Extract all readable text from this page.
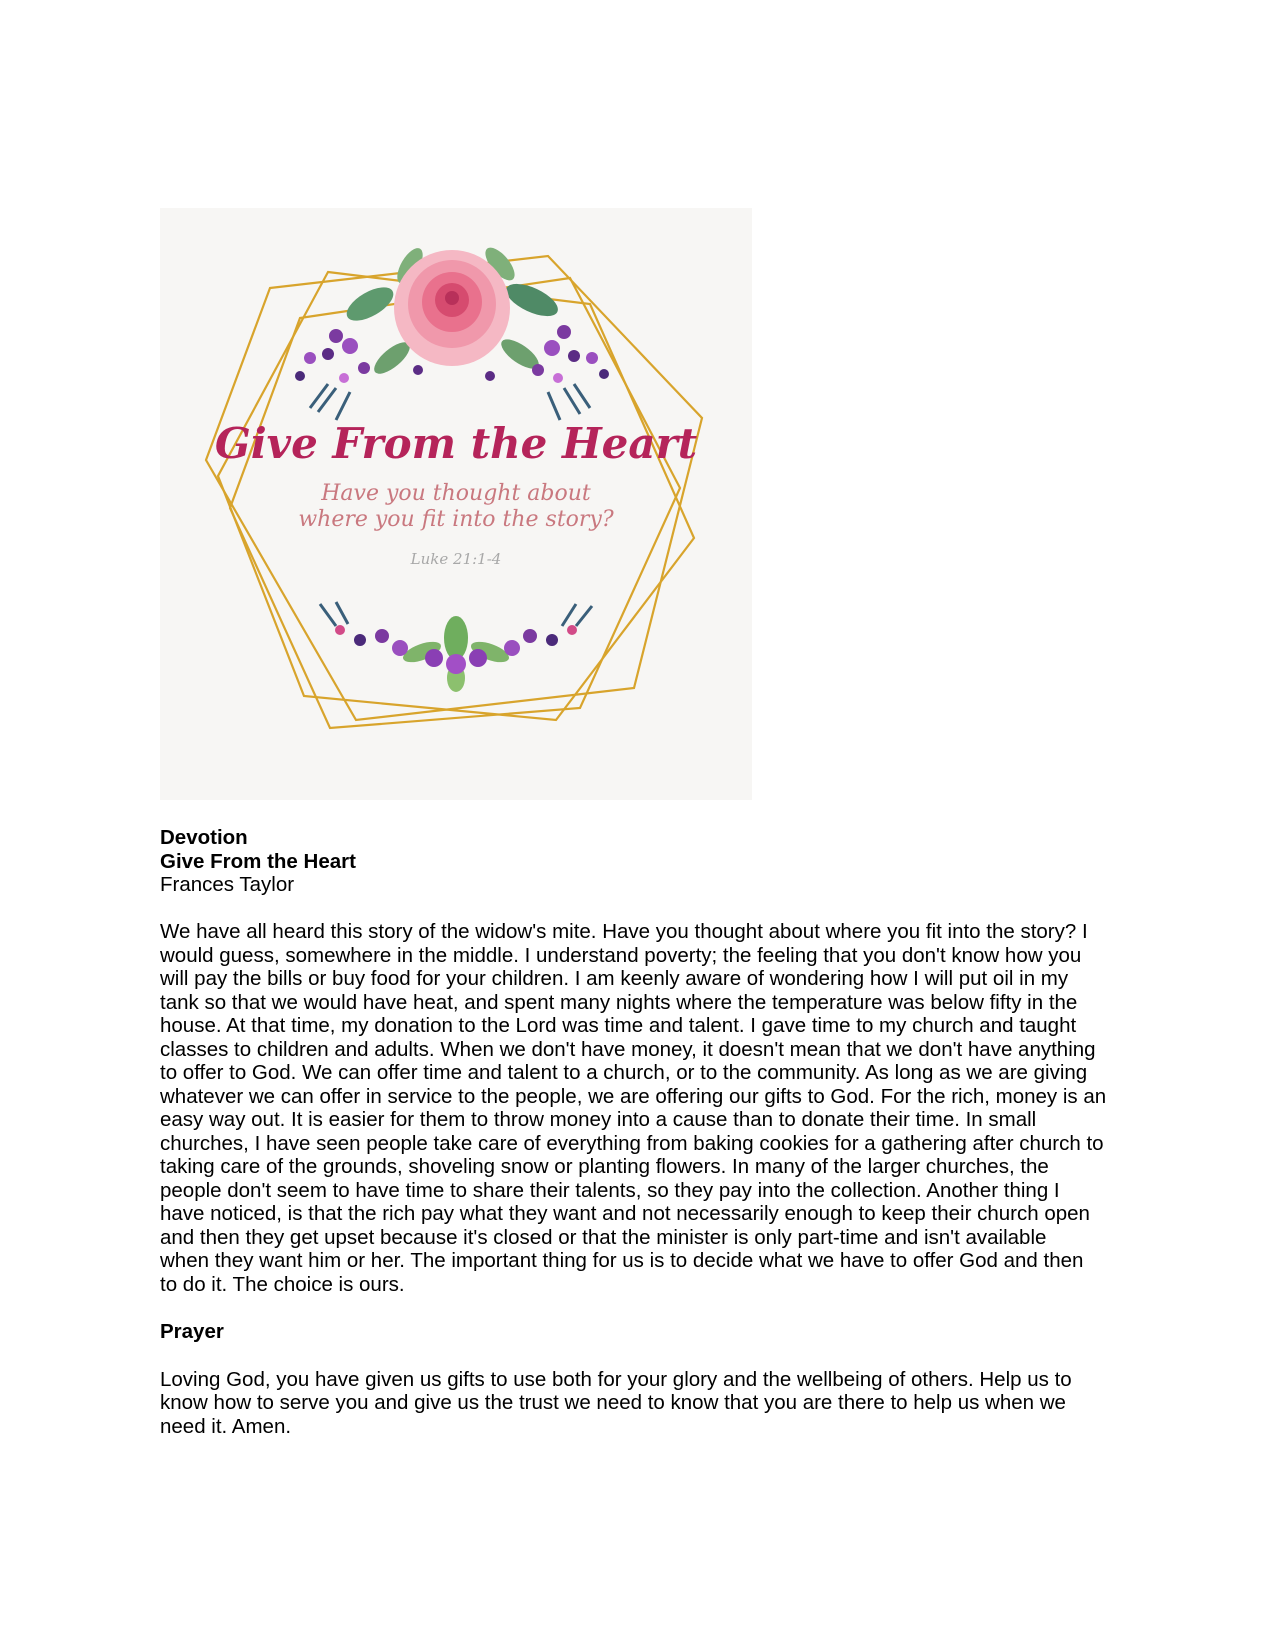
Give From the Heart
Have you thought about
where you fit into the story?
Luke 21:1-4

Devotion

Give From the Heart

Frances Taylor

We have all heard this story of the widow's mite. Have you thought about where you fit into the story? I

would guess, somewhere in the middle. I understand poverty; the feeling that you don't know how you

will pay the bills or buy food for your children. I am keenly aware of wondering how I will put oil in my

tank so that we would have heat, and spent many nights where the temperature was below fifty in the

house. At that time, my donation to the Lord was time and talent. I gave time to my church and taught

classes to children and adults. When we don't have money, it doesn't mean that we don't have anything

to offer to God. We can offer time and talent to a church, or to the community. As long as we are giving

whatever we can offer in service to the people, we are offering our gifts to God. For the rich, money is an

easy way out. It is easier for them to throw money into a cause than to donate their time. In small

churches, I have seen people take care of everything from baking cookies for a gathering after church to

taking care of the grounds, shoveling snow or planting flowers. In many of the larger churches, the

people don't seem to have time to share their talents, so they pay into the collection. Another thing I

have noticed, is that the rich pay what they want and not necessarily enough to keep their church open

and then they get upset because it's closed or that the minister is only part-time and isn't available

when they want him or her. The important thing for us is to decide what we have to offer God and then

to do it. The choice is ours.

Prayer

Loving God, you have given us gifts to use both for your glory and the wellbeing of others. Help us to

know how to serve you and give us the trust we need to know that you are there to help us when we

need it. Amen.
